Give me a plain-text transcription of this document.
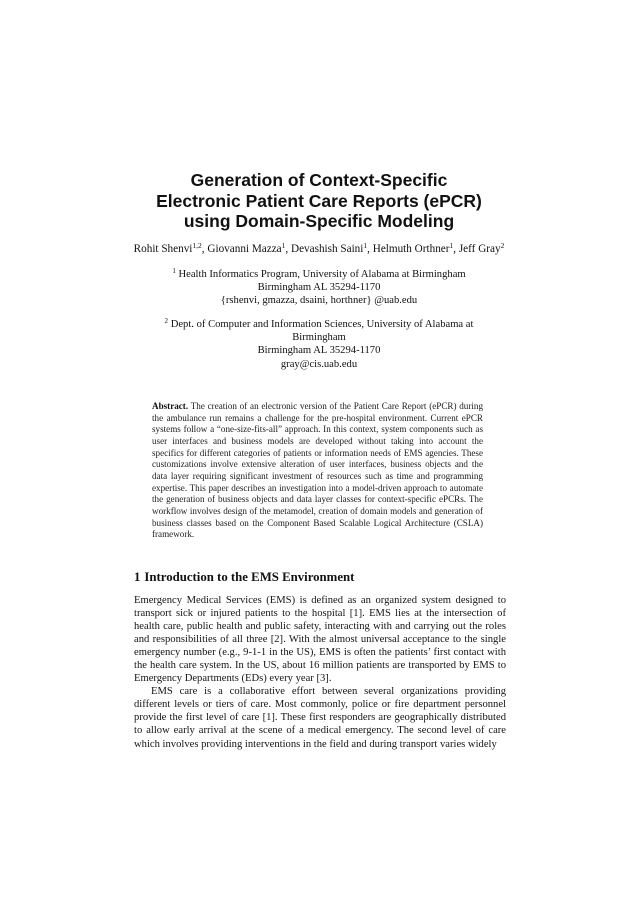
Generation of Context-Specific
Electronic Patient Care Reports (ePCR)
using Domain-Specific Modeling
Rohit Shenvi$^{1,2}$, Giovanni Mazza$^1$, Devashish Saini$^1$, Helmuth Orthner$^1$, Jeff Gray$^2$
$^1$ Health Informatics Program, University of Alabama at Birmingham
Birmingham AL 35294-1170
{rshenvi, gmazza, dsaini, horthner} @uab.edu
$^2$ Dept. of Computer and Information Sciences, University of Alabama at
Birmingham
Birmingham AL 35294-1170
gray@cis.uab.edu

Abstract. The creation of an electronic version of the Patient Care Report (ePCR) during the ambulance run remains a challenge for the pre-hospital environment. Current ePCR systems follow a “one-size-fits-all” approach. In this context, system components such as user interfaces and business models are developed without taking into account the specifics for different categories of patients or information needs of EMS agencies. These customizations involve extensive alteration of user interfaces, business objects and the data layer requiring significant investment of resources such as time and programming expertise. This paper describes an investigation into a model-driven approach to automate the generation of business objects and data layer classes for context-specific ePCRs. The workflow involves design of the metamodel, creation of domain models and generation of business classes based on the Component Based Scalable Logical Architecture (CSLA) framework.

1 Introduction to the EMS Environment

Emergency Medical Services (EMS) is defined as an organized system designed to transport sick or injured patients to the hospital [1]. EMS lies at the intersection of health care, public health and public safety, interacting with and carrying out the roles and responsibilities of all three [2]. With the almost universal acceptance to the single emergency number (e.g., 9-1-1 in the US), EMS is often the patients’ first contact with the health care system. In the US, about 16 million patients are transported by EMS to Emergency Departments (EDs) every year [3].

EMS care is a collaborative effort between several organizations providing different levels or tiers of care. Most commonly, police or fire department personnel provide the first level of care [1]. These first responders are geographically distributed to allow early arrival at the scene of a medical emergency. The second level of care which involves providing interventions in the field and during transport varies widely
